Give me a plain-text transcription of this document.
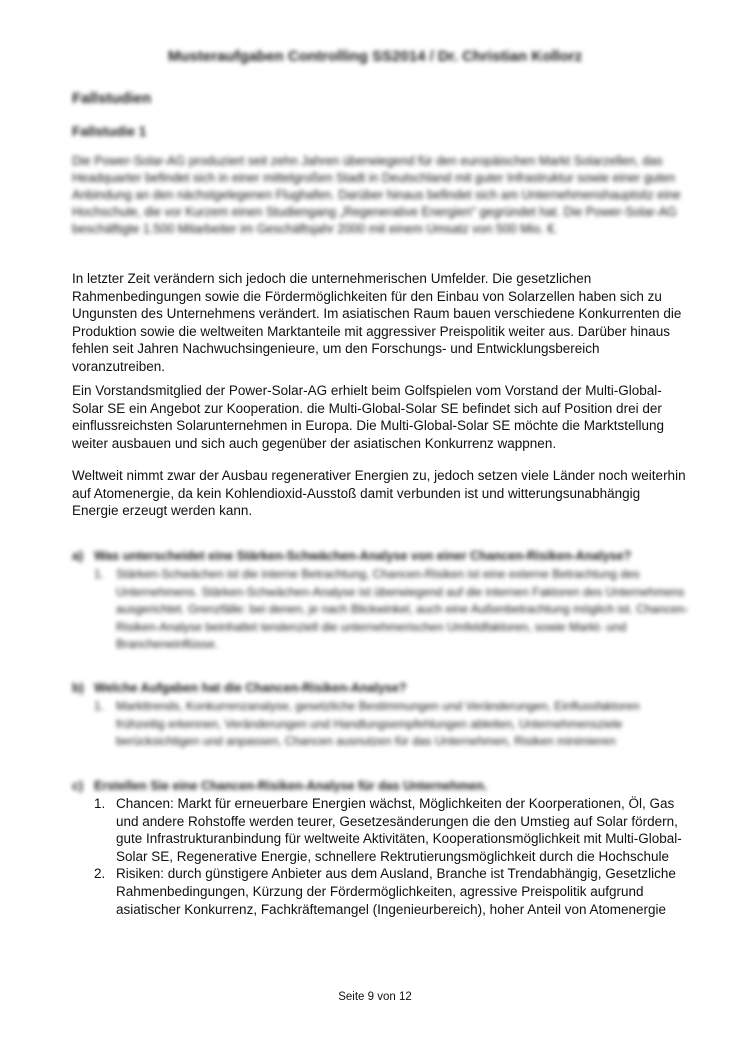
Musteraufgaben Controlling SS2014 / Dr. Christian Kollorz
Fallstudien
Fallstudie 1

Die Power-Solar-AG produziert seit zehn Jahren überwiegend für den europäischen Markt Solarzellen, das Headquarter befindet sich in einer mittelgroßen Stadt in Deutschland mit guter Infrastruktur sowie einer guten Anbindung an den nächstgelegenen Flughafen. Darüber hinaus befindet sich am Unternehmenshauptsitz eine Hochschule, die vor Kurzem einen Studiengang „Regenerative Energien" gegründet hat. Die Power-Solar-AG beschäftigte 1.500 Mitarbeiter im Geschäftsjahr 2000 mit einem Umsatz von 500 Mio. €.

In letzter Zeit verändern sich jedoch die unternehmerischen Umfelder. Die gesetzlichen Rahmenbedingungen sowie die Fördermöglichkeiten für den Einbau von Solarzellen haben sich zu Ungunsten des Unternehmens verändert. Im asiatischen Raum bauen verschiedene Konkurrenten die Produktion sowie die weltweiten Marktanteile mit aggressiver Preispolitik weiter aus. Darüber hinaus fehlen seit Jahren Nachwuchsingenieure, um den Forschungs- und Entwicklungsbereich voranzutreiben.

Ein Vorstandsmitglied der Power-Solar-AG erhielt beim Golfspielen vom Vorstand der Multi-Global-Solar SE ein Angebot zur Kooperation. die Multi-Global-Solar SE befindet sich auf Position drei der einflussreichsten Solarunternehmen in Europa. Die Multi-Global-Solar SE möchte die Marktstellung weiter ausbauen und sich auch gegenüber der asiatischen Konkurrenz wappnen.

Weltweit nimmt zwar der Ausbau regenerativer Energien zu, jedoch setzen viele Länder noch weiterhin auf Atomenergie, da kein Kohlendioxid-Ausstoß damit verbunden ist und witterungsunabhängig Energie erzeugt werden kann.

a) Was unterscheidet eine Stärken-Schwächen-Analyse von einer Chancen-Risiken-Analyse?
1. Stärken-Schwächen ist die interne Betrachtung, Chancen-Risiken ist eine externe Betrachtung des Unternehmens. Stärken-Schwächen-Analyse ist überwiegend auf die internen Faktoren des Unternehmens ausgerichtet. Grenzfälle: bei denen, je nach Blickwinkel, auch eine Außenbetrachtung möglich ist. Chancen-Risiken-Analyse beinhaltet tendenziell die unternehmerischen Umfeldfaktoren, sowie Markt- und Brancheneinflüsse.
b) Welche Aufgaben hat die Chancen-Risiken-Analyse?
1. Markttrends, Konkurrenzanalyse, gesetzliche Bestimmungen und Veränderungen, Einflussfaktoren frühzeitig erkennen, Veränderungen und Handlungsempfehlungen ableiten, Unternehmensziele berücksichtigen und anpassen, Chancen ausnutzen für das Unternehmen, Risiken minimieren
c) Erstellen Sie eine Chancen-Risiken-Analyse für das Unternehmen.
1. Chancen: Markt für erneuerbare Energien wächst, Möglichkeiten der Koorperationen, Öl, Gas und andere Rohstoffe werden teurer, Gesetzesänderungen die den Umstieg auf Solar fördern, gute Infrastrukturanbindung für weltweite Aktivitäten, Kooperationsmöglichkeit mit Multi-Global-Solar SE, Regenerative Energie, schnellere Rektrutierungsmöglichkeit durch die Hochschule
2. Risiken: durch günstigere Anbieter aus dem Ausland, Branche ist Trendabhängig, Gesetzliche Rahmenbedingungen, Kürzung der Fördermöglichkeiten, agressive Preispolitik aufgrund asiatischer Konkurrenz, Fachkräftemangel (Ingenieurbereich), hoher Anteil von Atomenergie
Seite 9 von 12
